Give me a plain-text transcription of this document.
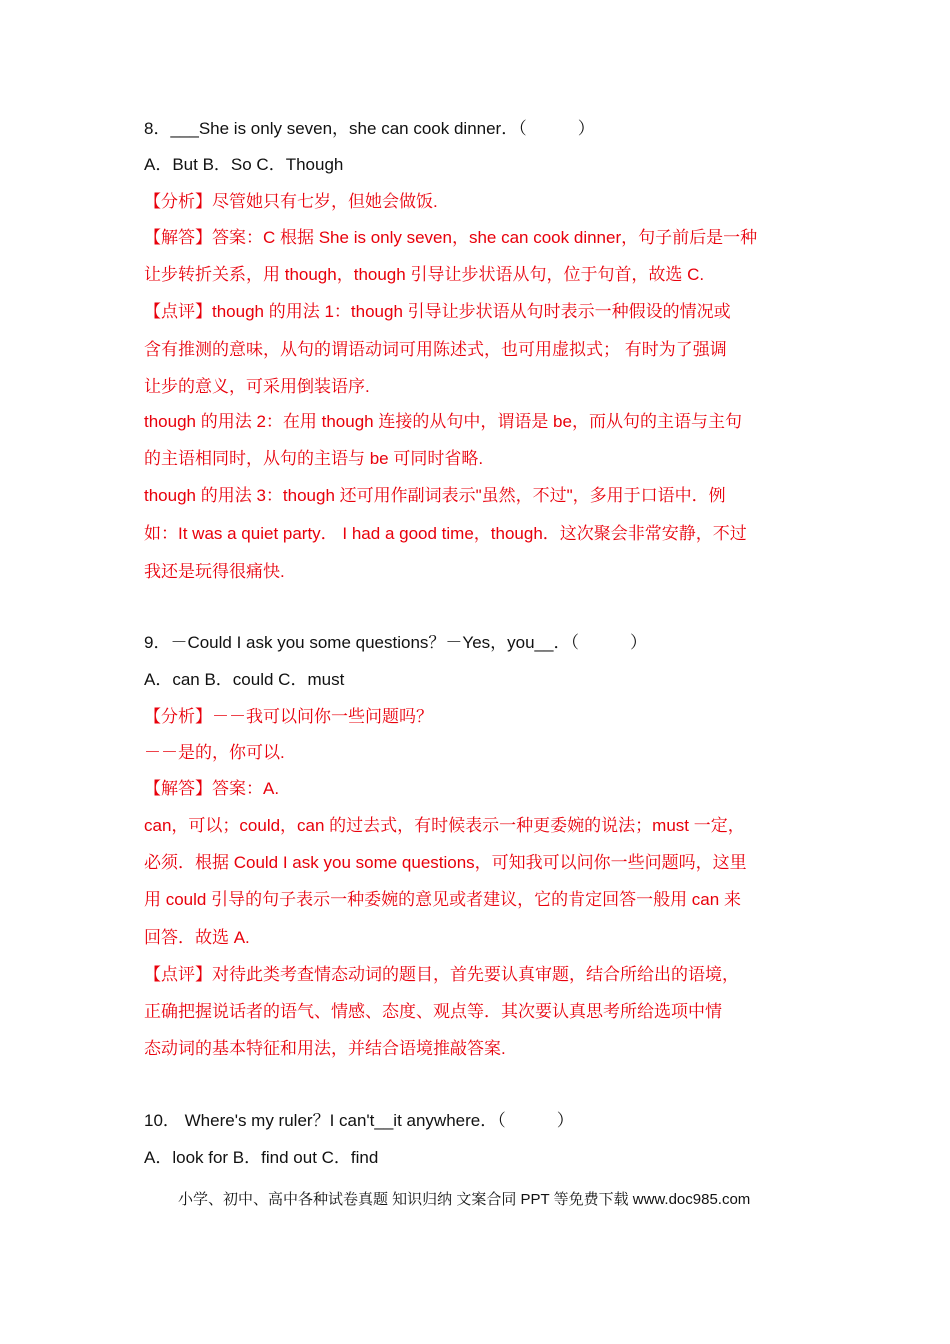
8．___She is only seven，she can cook dinner．（　　　）
A．But B．So C．Though
【分析】尽管她只有七岁，但她会做饭.
【解答】答案：C 根据 She is only seven，she can cook dinner，句子前后是一种
让步转折关系，用 though，though 引导让步状语从句，位于句首，故选 C.
【点评】though 的用法 1：though 引导让步状语从句时表示一种假设的情况或
含有推测的意味，从句的谓语动词可用陈述式，也可用虚拟式； 有时为了强调
让步的意义，可采用倒装语序.
though 的用法 2：在用 though 连接的从句中，谓语是 be，而从句的主语与主句
的主语相同时，从句的主语与 be 可同时省略.
though 的用法 3：though 还可用作副词表示"虽然，不过"，多用于口语中．例
如：It was a quiet party． I had a good time，though．这次聚会非常安静，不过
我还是玩得很痛快.
9．－Could I ask you some questions？－Yes，you__．（　　　）
A．can B．could C．must
【分析】－－我可以问你一些问题吗？
－－是的，你可以.
【解答】答案：A.
can，可以；could，can 的过去式，有时候表示一种更委婉的说法；must 一定，
必须．根据 Could I ask you some questions，可知我可以问你一些问题吗，这里
用 could 引导的句子表示一种委婉的意见或者建议，它的肯定回答一般用 can 来
回答．故选 A.
【点评】对待此类考查情态动词的题目，首先要认真审题，结合所给出的语境，
正确把握说话者的语气、情感、态度、观点等．其次要认真思考所给选项中情
态动词的基本特征和用法，并结合语境推敲答案.
10． Where's my ruler？I can't__it anywhere．（　　　）
A．look for B．find out C．find
小学、初中、高中各种试卷真题 知识归纳 文案合同 PPT 等免费下载 www.doc985.com
